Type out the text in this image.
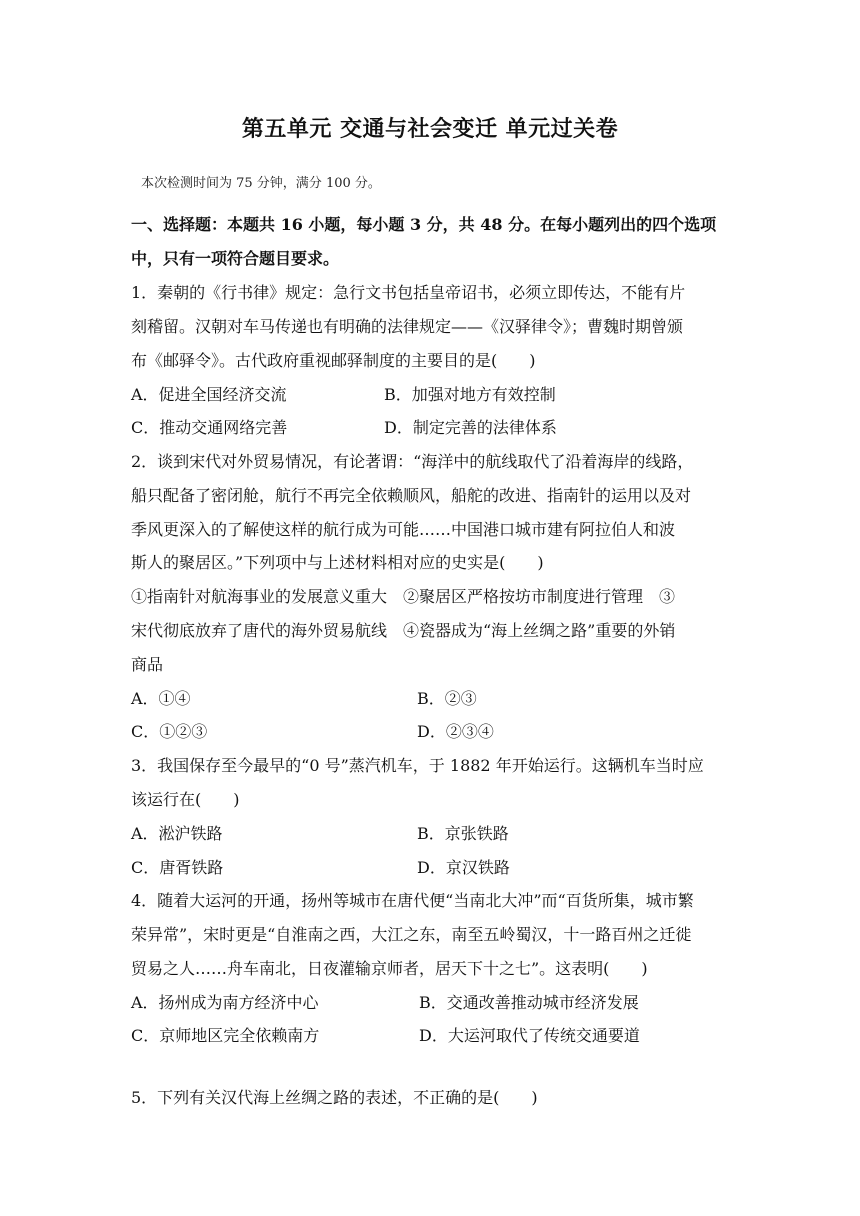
第五单元 交通与社会变迁 单元过关卷
本次检测时间为 75 分钟，满分 100 分。
一、选择题：本题共 16 小题，每小题 3 分，共 48 分。在每小题列出的四个选项
中，只有一项符合题目要求。
1．秦朝的《行书律》规定：急行文书包括皇帝诏书，必须立即传达，不能有片
刻稽留。汉朝对车马传递也有明确的法律规定——《汉驿律令》；曹魏时期曾颁
布《邮驿令》。古代政府重视邮驿制度的主要目的是(　　)
A．促进全国经济交流	B．加强对地方有效控制
C．推动交通网络完善	D．制定完善的法律体系
2．谈到宋代对外贸易情况，有论著谓：“海洋中的航线取代了沿着海岸的线路，
船只配备了密闭舱，航行不再完全依赖顺风，船舵的改进、指南针的运用以及对
季风更深入的了解使这样的航行成为可能……中国港口城市建有阿拉伯人和波
斯人的聚居区。”下列项中与上述材料相对应的史实是(　　)
①指南针对航海事业的发展意义重大　②聚居区严格按坊市制度进行管理　③
宋代彻底放弃了唐代的海外贸易航线　④瓷器成为“海上丝绸之路”重要的外销
商品
A．①④	B．②③
C．①②③	D．②③④
3．我国保存至今最早的“0 号”蒸汽机车，于 1882 年开始运行。这辆机车当时应
该运行在(　　)
A．淞沪铁路	B．京张铁路
C．唐胥铁路	D．京汉铁路
4．随着大运河的开通，扬州等城市在唐代便“当南北大冲”而“百货所集，城市繁
荣异常”，宋时更是“自淮南之西，大江之东，南至五岭蜀汉，十一路百州之迁徙
贸易之人……舟车南北，日夜灌输京师者，居天下十之七”。这表明(　　)
A．扬州成为南方经济中心	B．交通改善推动城市经济发展
C．京师地区完全依赖南方	D．大运河取代了传统交通要道
5．下列有关汉代海上丝绸之路的表述，不正确的是(　　)
